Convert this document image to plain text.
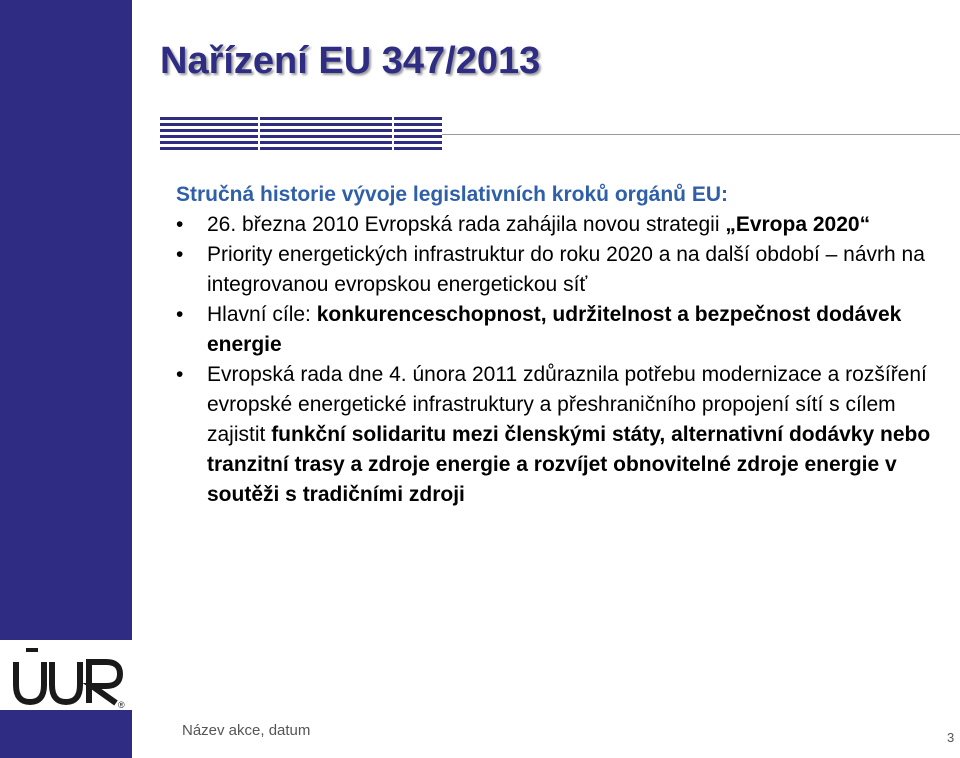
®
Nařízení EU 347/2013

Stručná historie vývoje legislativních kroků orgánů EU:

• 26. března 2010 Evropská rada zahájila novou strategii „Evropa 2020“
• Priority energetických infrastruktur do roku 2020 a na další období – návrh na integrovanou evropskou energetickou síť
• Hlavní cíle: konkurenceschopnost, udržitelnost a bezpečnost dodávek energie
• Evropská rada dne 4. února 2011 zdůraznila potřebu modernizace a rozšíření evropské energetické infrastruktury a přeshraničního propojení sítí s cílem zajistit funkční solidaritu mezi členskými státy, alternativní dodávky nebo tranzitní trasy a zdroje energie a rozvíjet obnovitelné zdroje energie v soutěži s tradičními zdroji
Název akce, datum	3
